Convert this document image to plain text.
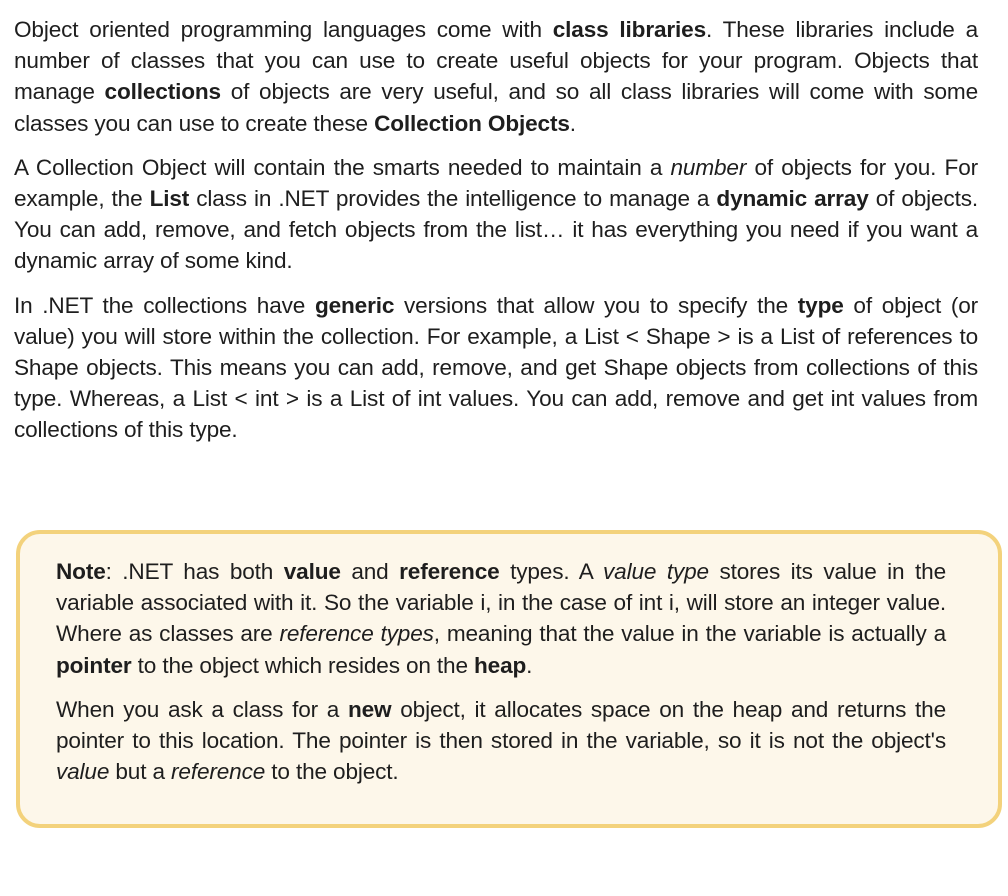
Object oriented programming languages come with class libraries. These libraries include a number of classes that you can use to create useful objects for your program. Objects that manage collections of objects are very useful, and so all class libraries will come with some classes you can use to create these Collection Objects.

A Collection Object will contain the smarts needed to maintain a number of objects for you. For example, the List class in .NET provides the intelligence to manage a dynamic array of objects. You can add, remove, and fetch objects from the list… it has everything you need if you want a dynamic array of some kind.

In .NET the collections have generic versions that allow you to specify the type of object (or value) you will store within the collection. For example, a List < Shape > is a List of references to Shape objects. This means you can add, remove, and get Shape objects from collections of this type. Whereas, a List < int > is a List of int values. You can add, remove and get int values from collections of this type.

Note: .NET has both value and reference types. A value type stores its value in the variable associated with it. So the variable i, in the case of int i, will store an integer value. Where as classes are reference types, meaning that the value in the variable is actually a pointer to the object which resides on the heap.

When you ask a class for a new object, it allocates space on the heap and returns the pointer to this location. The pointer is then stored in the variable, so it is not the object's value but a reference to the object.
